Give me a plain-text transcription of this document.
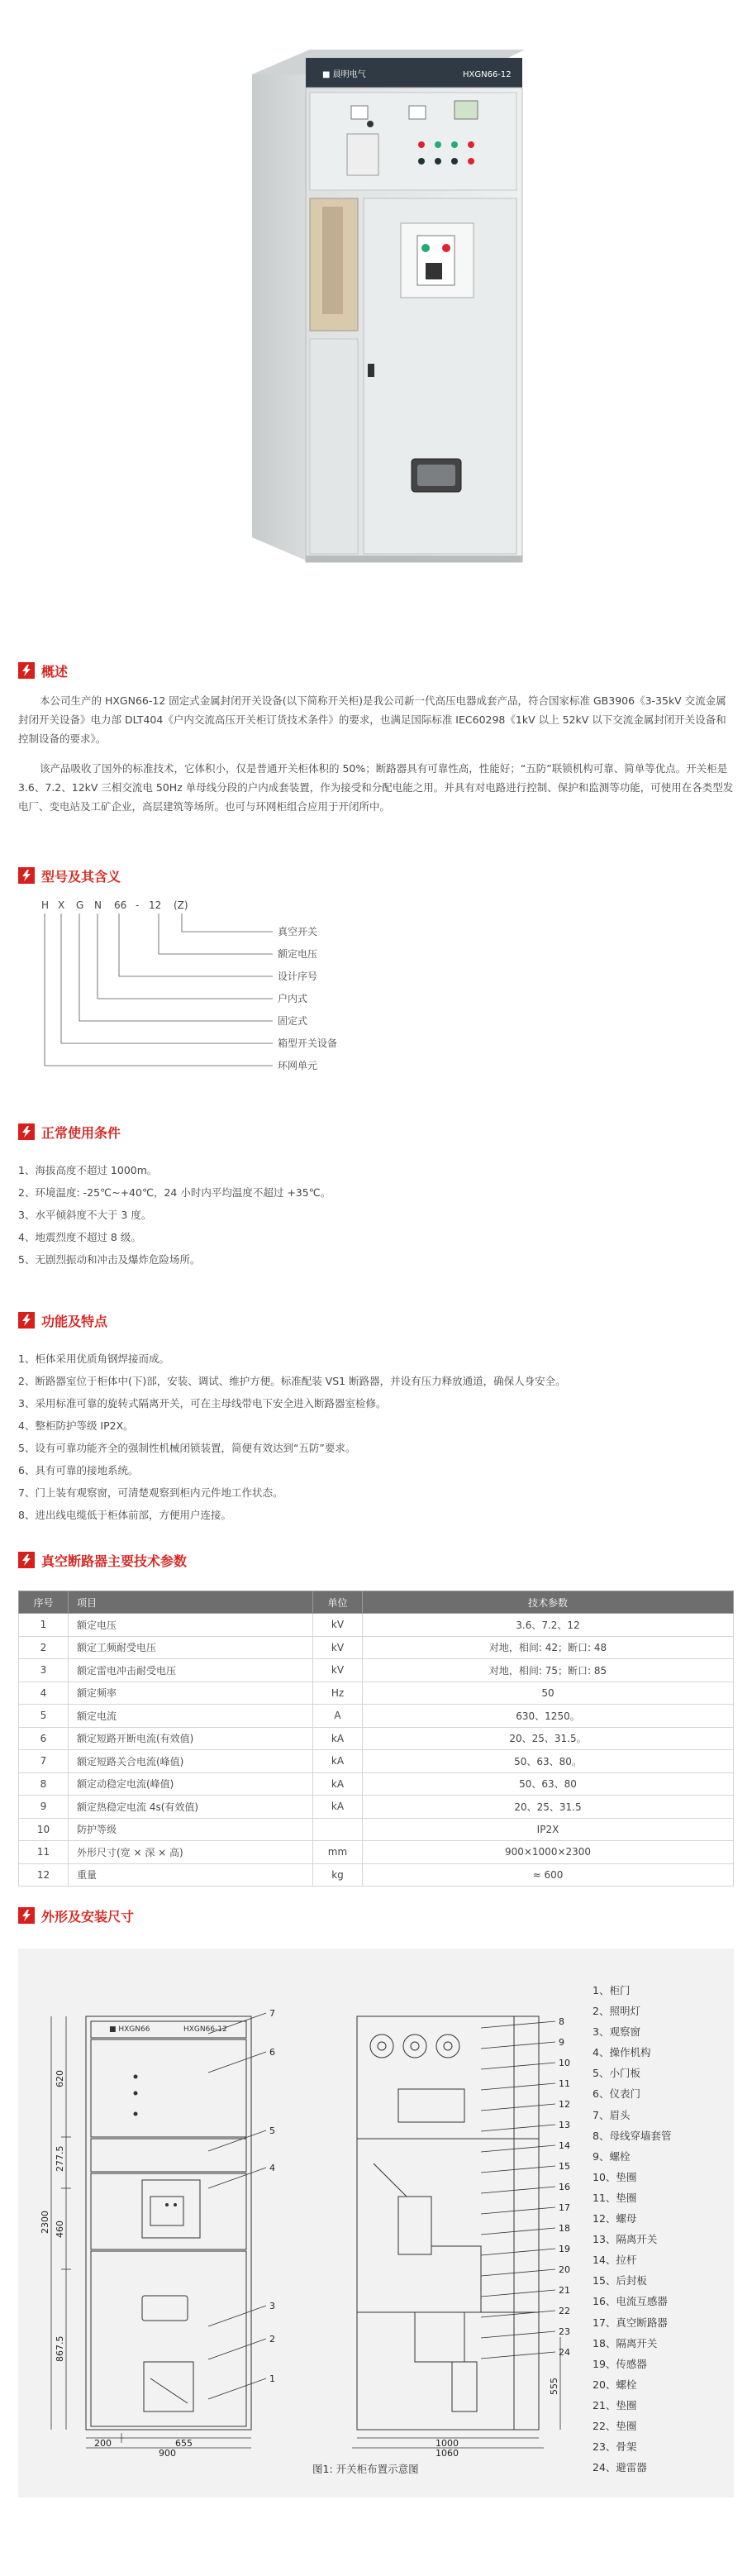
■ 晨明电气	HXGN66-12
概述

本公司生产的 HXGN66-12 固定式金属封闭开关设备(以下简称开关柜)是我公司新一代高压电器成套产品，符合国家标准 GB3906《3-35kV 交流金属封闭开关设备》电力部 DLT404《户内交流高压开关柜订货技术条件》的要求，也满足国际标准 IEC60298《1kV 以上 52kV 以下交流金属封闭开关设备和控制设备的要求》。

该产品吸收了国外的标准技术，它体积小，仅是普通开关柜体积的 50%；断路器具有可靠性高，性能好；“五防”联锁机构可靠、简单等优点。开关柜是 3.6、7.2、12kV 三相交流电 50Hz 单母线分段的户内成套装置，作为接受和分配电能之用。并具有对电路进行控制、保护和监测等功能，可使用在各类型发电厂、变电站及工矿企业，高层建筑等场所。也可与环网柜组合应用于开闭所中。

型号及其含义
H X G N 66 - 12 (Z)
真空开关
额定电压
设计序号
户内式
固定式
箱型开关设备
环网单元
正常使用条件
1、海拔高度不超过 1000m。
2、环境温度: -25℃~+40℃，24 小时内平均温度不超过 +35℃。
3、水平倾斜度不大于 3 度。
4、地震烈度不超过 8 级。
5、无剧烈振动和冲击及爆炸危险场所。
功能及特点
1、柜体采用优质角钢焊接而成。
2、断路器室位于柜体中(下)部，安装、调试、维护方便。标准配装 VS1 断路器，并设有压力释放通道，确保人身安全。
3、采用标准可靠的旋转式隔离开关，可在主母线带电下安全进入断路器室检修。
4、整柜防护等级 IP2X。
5、设有可靠功能齐全的强制性机械闭锁装置，简便有效达到“五防”要求。
6、具有可靠的接地系统。
7、门上装有观察窗，可清楚观察到柜内元件地工作状态。
8、进出线电缆低于柜体前部，方便用户连接。
真空断路器主要技术参数
序号	项目	单位	技术参数
1	额定电压	kV	3.6、7.2、12
2	额定工频耐受电压	kV	对地，相间: 42；断口: 48
3	额定雷电冲击耐受电压	kV	对地，相间: 75；断口: 85
4	额定频率	Hz	50
5	额定电流	A	630、1250。
6	额定短路开断电流(有效值)	kA	20、25、31.5。
7	额定短路关合电流(峰值)	kA	50、63、80。
8	额定动稳定电流(峰值)	kA	50、63、80
9	额定热稳定电流 4s(有效值)	kA	20、25、31.5
10	防护等级		IP2X
11	外形尺寸(宽 × 深 × 高)	mm	900×1000×2300
12	重量	kg	≈ 600
外形及安装尺寸
■ HXGN66	HXGN66-12
2300
620
277.5
460
867.5
200	655
900
7
6
5
4
3
2
1
1000
1060
555
8
9
10
11
12
13
14
15
16
17
18
19
20
21
22
23
24
图1: 开关柜布置示意图
1、柜门
2、照明灯
3、观察窗
4、操作机构
5、小门板
6、仪表门
7、眉头
8、母线穿墙套管
9、螺栓
10、垫圈
11、垫圈
12、螺母
13、隔离开关
14、拉杆
15、后封板
16、电流互感器
17、真空断路器
18、隔离开关
19、传感器
20、螺栓
21、垫圈
22、垫圈
23、骨架
24、避雷器
